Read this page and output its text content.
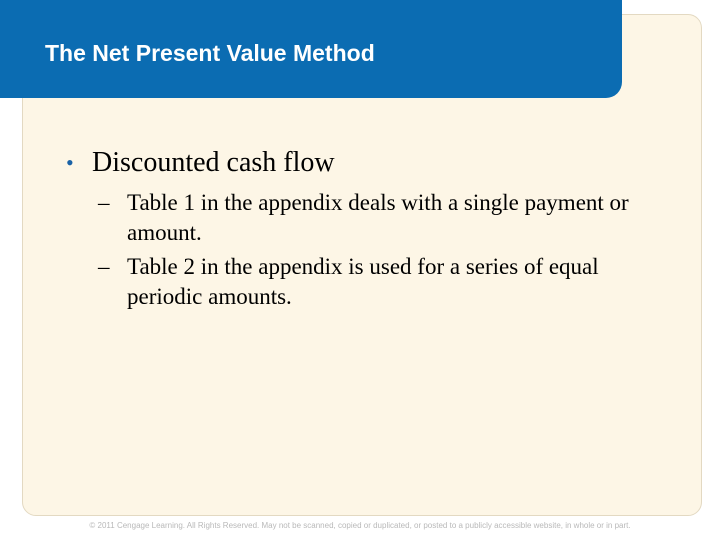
The Net Present Value Method
• Discounted cash flow
– Table 1 in the appendix deals with a single payment or amount.
– Table 2 in the appendix is used for a series of equal periodic amounts.
© 2011 Cengage Learning. All Rights Reserved. May not be scanned, copied or duplicated, or posted to a publicly accessible website, in whole or in part.
